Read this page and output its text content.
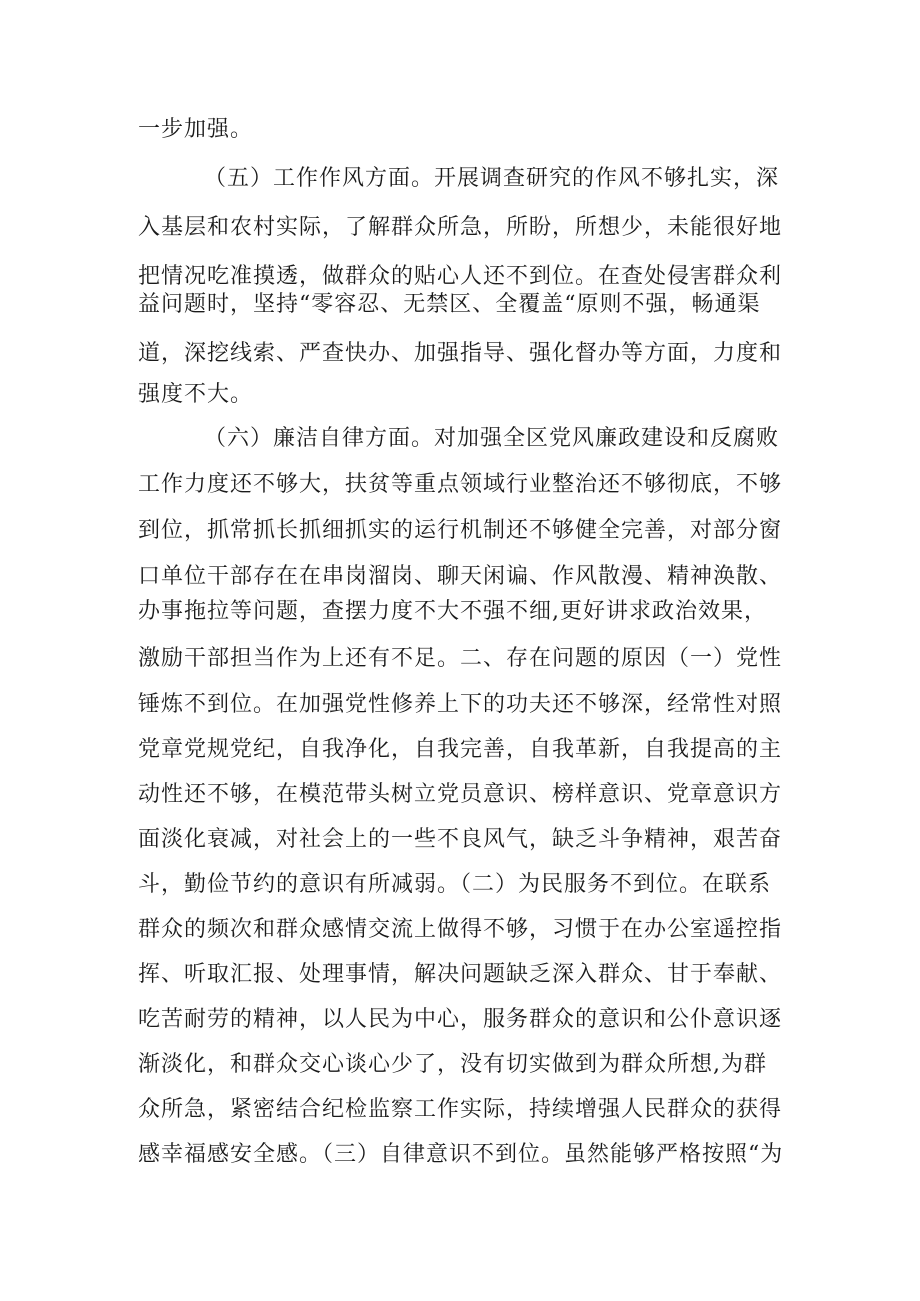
一步加强。
（五）工作作风方面。开展调查研究的作风不够扎实，深
入基层和农村实际，了解群众所急，所盼，所想少，未能很好地
把情况吃准摸透，做群众的贴心人还不到位。在查处侵害群众利
益问题时，坚持“零容忍、无禁区、全覆盖“原则不强，畅通渠
道，深挖线索、严查快办、加强指导、强化督办等方面，力度和
强度不大。
（六）廉洁自律方面。对加强全区党风廉政建设和反腐败
工作力度还不够大，扶贫等重点领域行业整治还不够彻底，不够
到位，抓常抓长抓细抓实的运行机制还不够健全完善，对部分窗
口单位干部存在在串岗溜岗、聊天闲谝、作风散漫、精神涣散、
办事拖拉等问题，查摆力度不大不强不细,更好讲求政治效果，
激励干部担当作为上还有不足。二、存在问题的原因（一）党性
锤炼不到位。在加强党性修养上下的功夫还不够深，经常性对照
党章党规党纪，自我净化，自我完善，自我革新，自我提高的主
动性还不够，在模范带头树立党员意识、榜样意识、党章意识方
面淡化衰减，对社会上的一些不良风气，缺乏斗争精神，艰苦奋
斗，勤俭节约的意识有所减弱。（二）为民服务不到位。在联系
群众的频次和群众感情交流上做得不够，习惯于在办公室遥控指
挥、听取汇报、处理事情，解决问题缺乏深入群众、甘于奉献、
吃苦耐劳的精神，以人民为中心，服务群众的意识和公仆意识逐
渐淡化，和群众交心谈心少了，没有切实做到为群众所想,为群
众所急，紧密结合纪检监察工作实际，持续增强人民群众的获得
感幸福感安全感。（三）自律意识不到位。虽然能够严格按照“为
